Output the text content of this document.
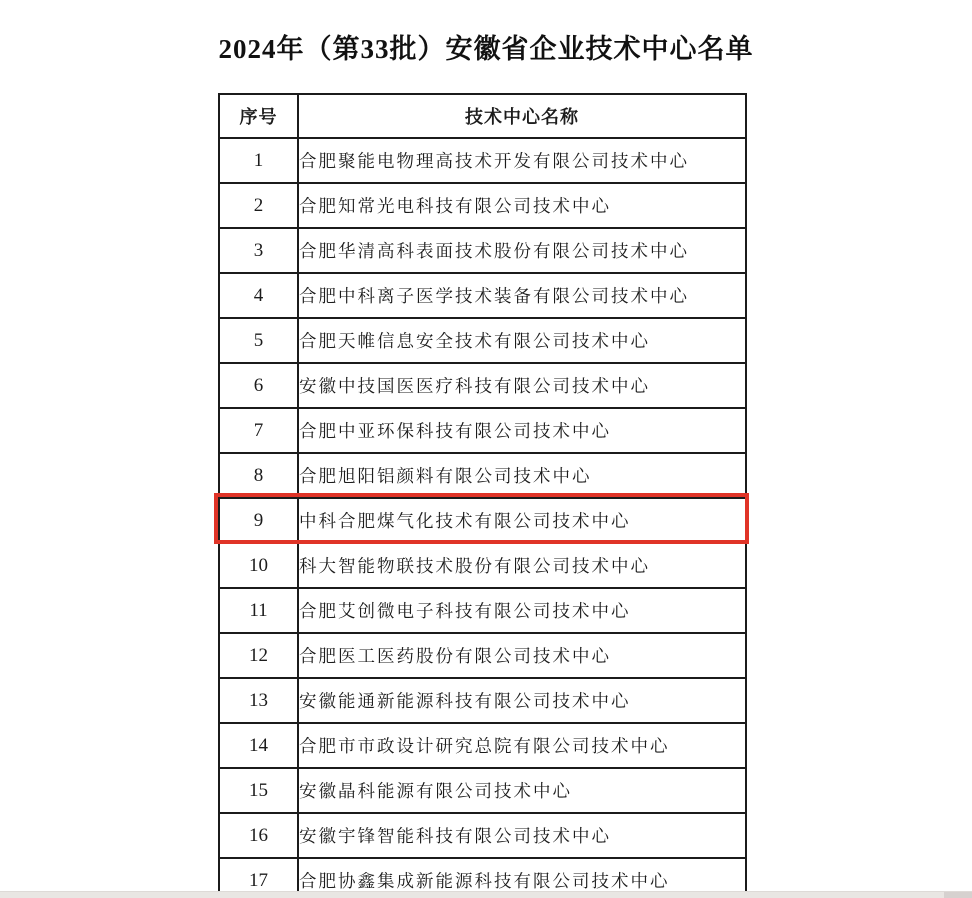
2024年（第33批）安徽省企业技术中心名单
序号	技术中心名称
1	合肥聚能电物理高技术开发有限公司技术中心
2	合肥知常光电科技有限公司技术中心
3	合肥华清高科表面技术股份有限公司技术中心
4	合肥中科离子医学技术装备有限公司技术中心
5	合肥天帷信息安全技术有限公司技术中心
6	安徽中技国医医疗科技有限公司技术中心
7	合肥中亚环保科技有限公司技术中心
8	合肥旭阳铝颜料有限公司技术中心
9	中科合肥煤气化技术有限公司技术中心
10	科大智能物联技术股份有限公司技术中心
11	合肥艾创微电子科技有限公司技术中心
12	合肥医工医药股份有限公司技术中心
13	安徽能通新能源科技有限公司技术中心
14	合肥市市政设计研究总院有限公司技术中心
15	安徽晶科能源有限公司技术中心
16	安徽宇锋智能科技有限公司技术中心
17	合肥协鑫集成新能源科技有限公司技术中心
